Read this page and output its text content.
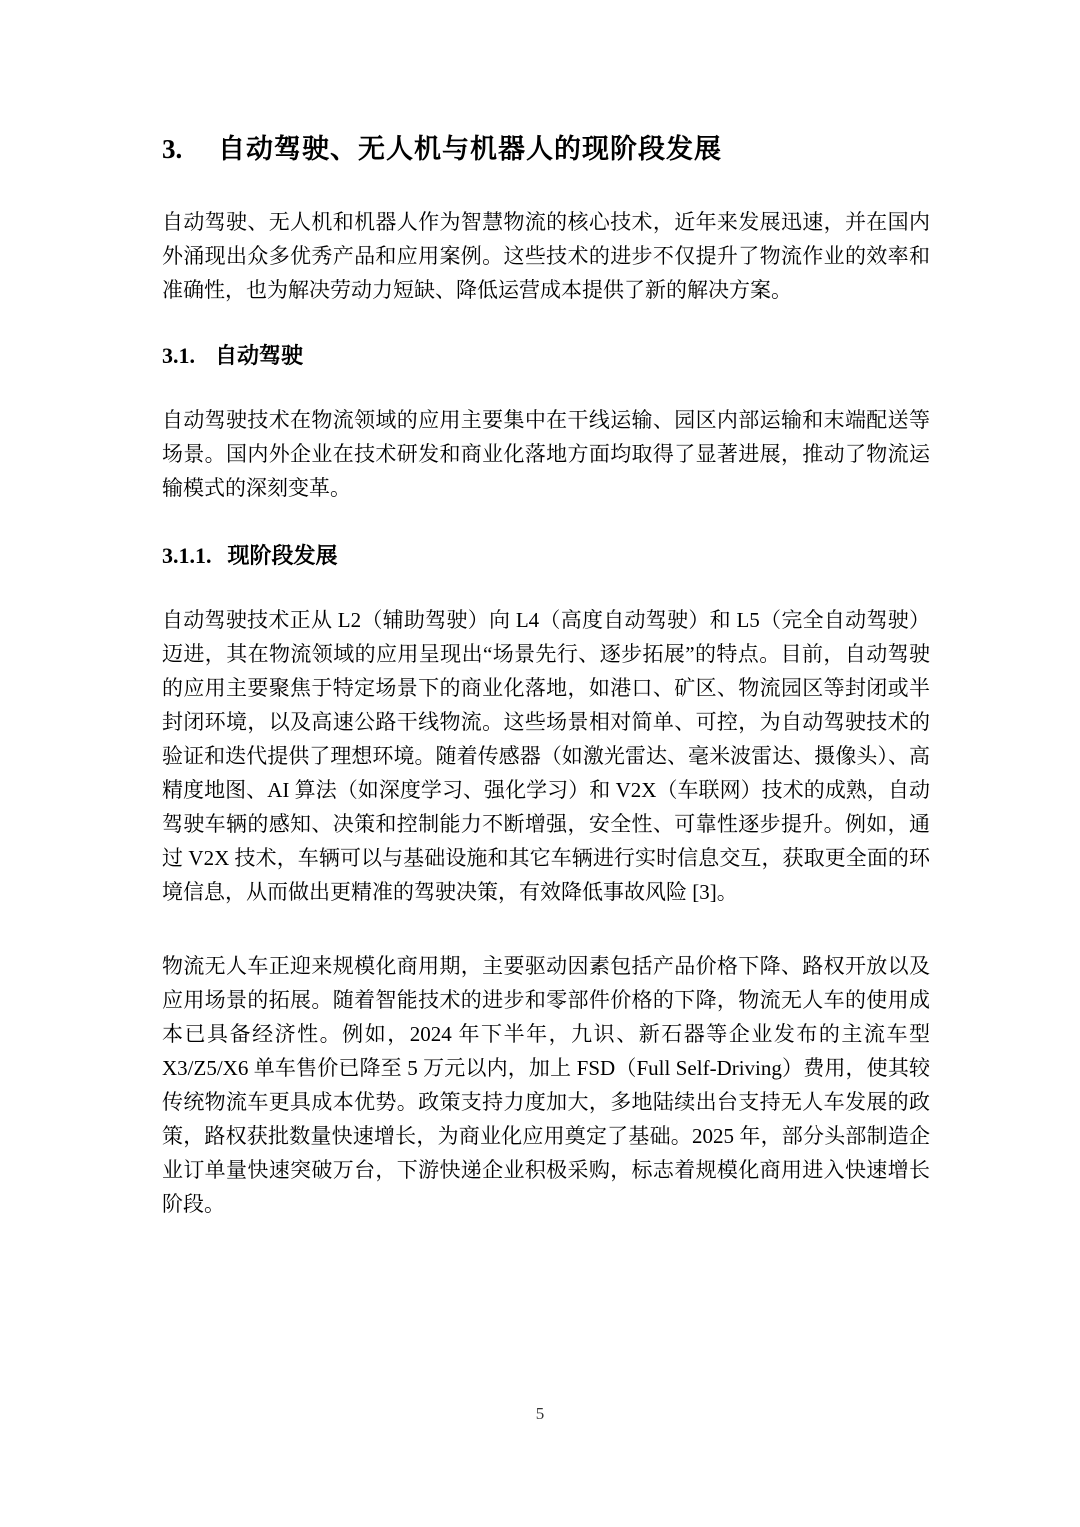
3. 自动驾驶、无人机与机器人的现阶段发展

自动驾驶、无人机和机器人作为智慧物流的核心技术，近年来发展迅速，并在国内外涌现出众多优秀产品和应用案例。这些技术的进步不仅提升了物流作业的效率和准确性，也为解决劳动力短缺、降低运营成本提供了新的解决方案。

3.1. 自动驾驶

自动驾驶技术在物流领域的应用主要集中在干线运输、园区内部运输和末端配送等场景。国内外企业在技术研发和商业化落地方面均取得了显著进展，推动了物流运输模式的深刻变革。

3.1.1. 现阶段发展

自动驾驶技术正从 L2（辅助驾驶）向 L4（高度自动驾驶）和 L5（完全自动驾驶）迈进，其在物流领域的应用呈现出“场景先行、逐步拓展”的特点。目前，自动驾驶的应用主要聚焦于特定场景下的商业化落地，如港口、矿区、物流园区等封闭或半封闭环境，以及高速公路干线物流。这些场景相对简单、可控，为自动驾驶技术的验证和迭代提供了理想环境。随着传感器（如激光雷达、毫米波雷达、摄像头）、高精度地图、AI 算法（如深度学习、强化学习）和 V2X（车联网）技术的成熟，自动驾驶车辆的感知、决策和控制能力不断增强，安全性、可靠性逐步提升。例如，通过 V2X 技术，车辆可以与基础设施和其它车辆进行实时信息交互，获取更全面的环境信息，从而做出更精准的驾驶决策，有效降低事故风险 [3]。

物流无人车正迎来规模化商用期，主要驱动因素包括产品价格下降、路权开放以及应用场景的拓展。随着智能技术的进步和零部件价格的下降，物流无人车的使用成本已具备经济性。例如，2024 年下半年，九识、新石器等企业发布的主流车型 X3/Z5/X6 单车售价已降至 5 万元以内，加上 FSD（Full Self-Driving）费用，使其较传统物流车更具成本优势。政策支持力度加大，多地陆续出台支持无人车发展的政策，路权获批数量快速增长，为商业化应用奠定了基础。2025 年，部分头部制造企业订单量快速突破万台，下游快递企业积极采购，标志着规模化商用进入快速增长阶段。

5
